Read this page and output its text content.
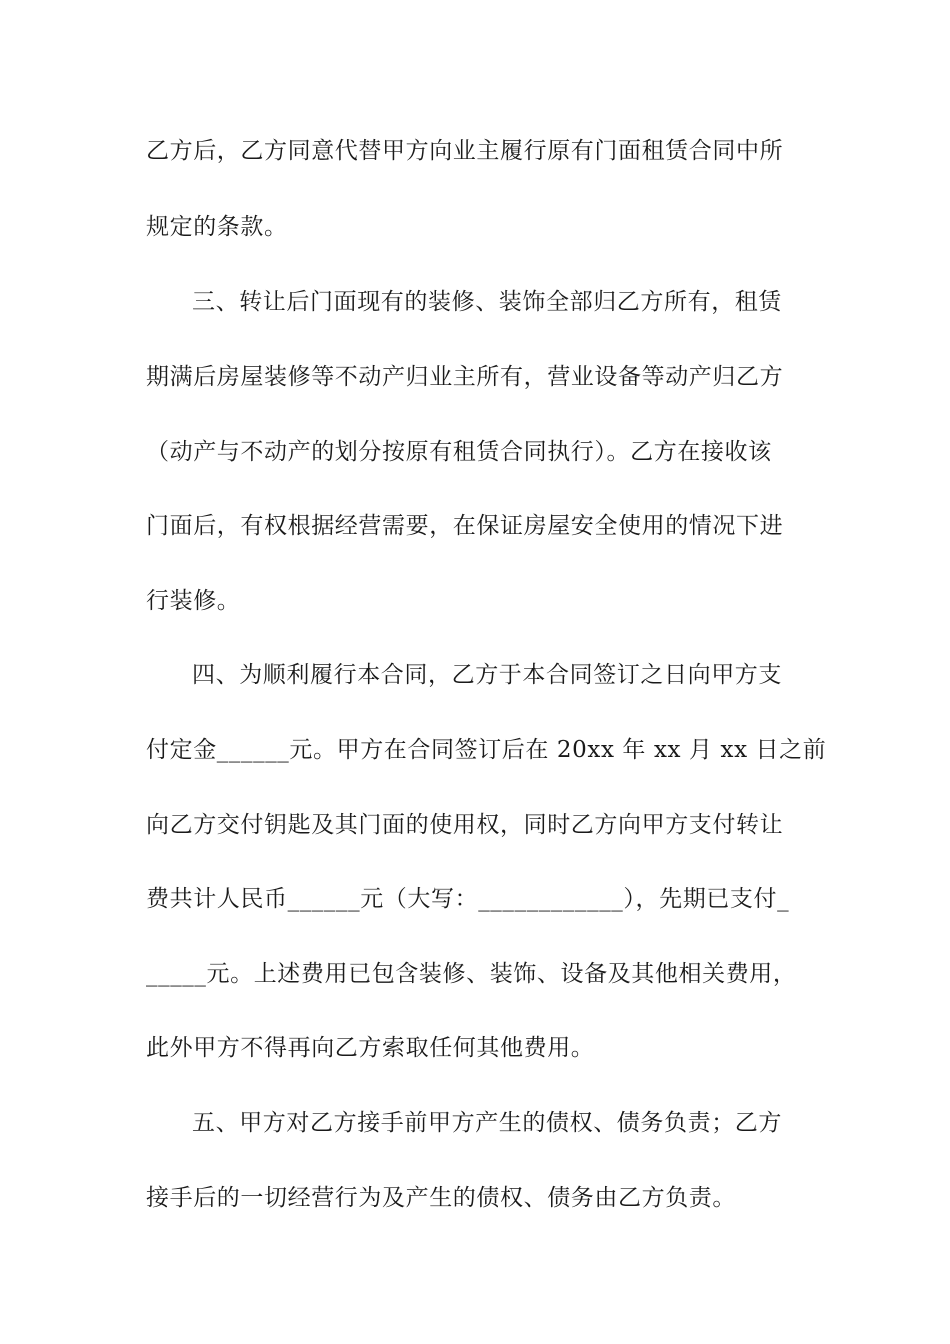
乙方后，乙方同意代替甲方向业主履行原有门面租赁合同中所
规定的条款。
三、转让后门面现有的装修、装饰全部归乙方所有，租赁
期满后房屋装修等不动产归业主所有，营业设备等动产归乙方
（动产与不动产的划分按原有租赁合同执行）。乙方在接收该
门面后，有权根据经营需要，在保证房屋安全使用的情况下进
行装修。
四、为顺利履行本合同，乙方于本合同签订之日向甲方支
付定金______元。甲方在合同签订后在 20xx 年 xx 月 xx 日之前
向乙方交付钥匙及其门面的使用权，同时乙方向甲方支付转让
费共计人民币______元（大写：____________），先期已支付_
_____元。上述费用已包含装修、装饰、设备及其他相关费用，
此外甲方不得再向乙方索取任何其他费用。
五、甲方对乙方接手前甲方产生的债权、债务负责；乙方
接手后的一切经营行为及产生的债权、债务由乙方负责。
